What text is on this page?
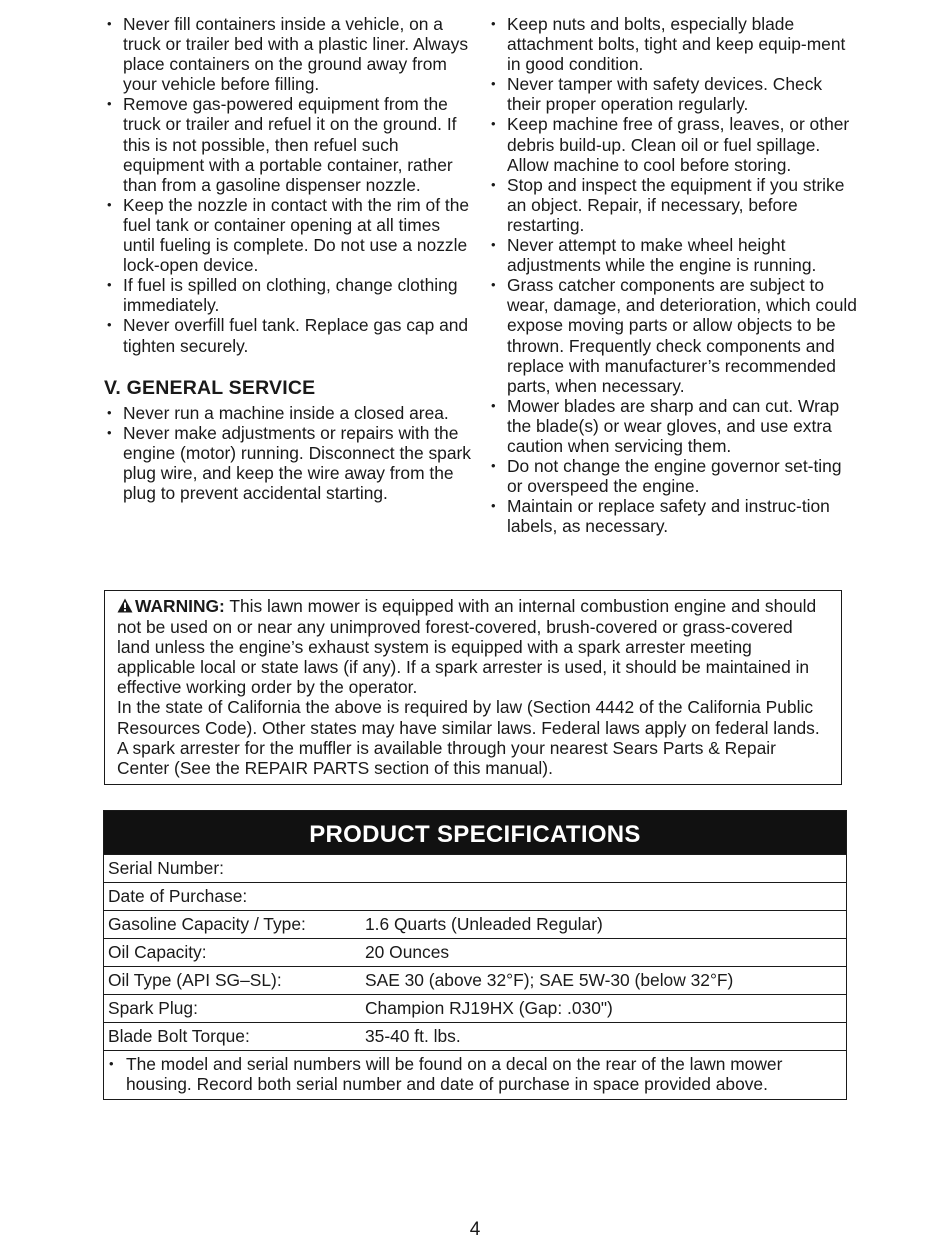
• Never fill containers inside a vehicle, on a truck or trailer bed with a plastic liner. Always place containers on the ground away from your vehicle before filling.
• Remove gas-powered equipment from the truck or trailer and refuel it on the ground. If this is not possible, then refuel such equipment with a portable container, rather than from a gasoline dispenser nozzle.
• Keep the nozzle in contact with the rim of the fuel tank or container opening at all times until fueling is complete. Do not use a nozzle lock-open device.
• If fuel is spilled on clothing, change clothing immediately.
• Never overfill fuel tank. Replace gas cap and tighten securely.
V. GENERAL SERVICE
• Never run a machine inside a closed area.
• Never make adjustments or repairs with the engine (motor) running. Disconnect the spark plug wire, and keep the wire away from the plug to prevent accidental starting.
• Keep nuts and bolts, especially blade attachment bolts, tight and keep equip-ment in good condition.
• Never tamper with safety devices. Check their proper operation regularly.
• Keep machine free of grass, leaves, or other debris build-up. Clean oil or fuel spillage. Allow machine to cool before storing.
• Stop and inspect the equipment if you strike an object. Repair, if necessary, before restarting.
• Never attempt to make wheel height adjustments while the engine is running.
• Grass catcher components are subject to wear, damage, and deterioration, which could expose moving parts or allow objects to be thrown. Frequently check components and replace with manufacturer’s recommended parts, when necessary.
• Mower blades are sharp and can cut. Wrap the blade(s) or wear gloves, and use extra caution when servicing them.
• Do not change the engine governor set-ting or overspeed the engine.
• Maintain or replace safety and instruc-tion labels, as necessary.
WARNING: This lawn mower is equipped with an internal combustion engine and should not be used on or near any unimproved forest-covered, brush-covered or grass-covered land unless the engine’s exhaust system is equipped with a spark arrester meeting applicable local or state laws (if any). If a spark arrester is used, it should be maintained in effective working order by the operator.
In the state of California the above is required by law (Section 4442 of the California Public Resources Code). Other states may have similar laws. Federal laws apply on federal lands. A spark arrester for the muffler is available through your nearest Sears Parts & Repair Center (See the REPAIR PARTS section of this manual).
PRODUCT SPECIFICATIONS
Serial Number:
Date of Purchase:
Gasoline Capacity / Type:	1.6 Quarts (Unleaded Regular)
Oil Capacity:	20 Ounces
Oil Type (API SG–SL):	SAE 30 (above 32°F); SAE 5W-30 (below 32°F)
Spark Plug:	Champion RJ19HX (Gap: .030")
Blade Bolt Torque:	35-40 ft. lbs.
• The model and serial numbers will be found on a decal on the rear of the lawn mower housing. Record both serial number and date of purchase in space provided above.
4
